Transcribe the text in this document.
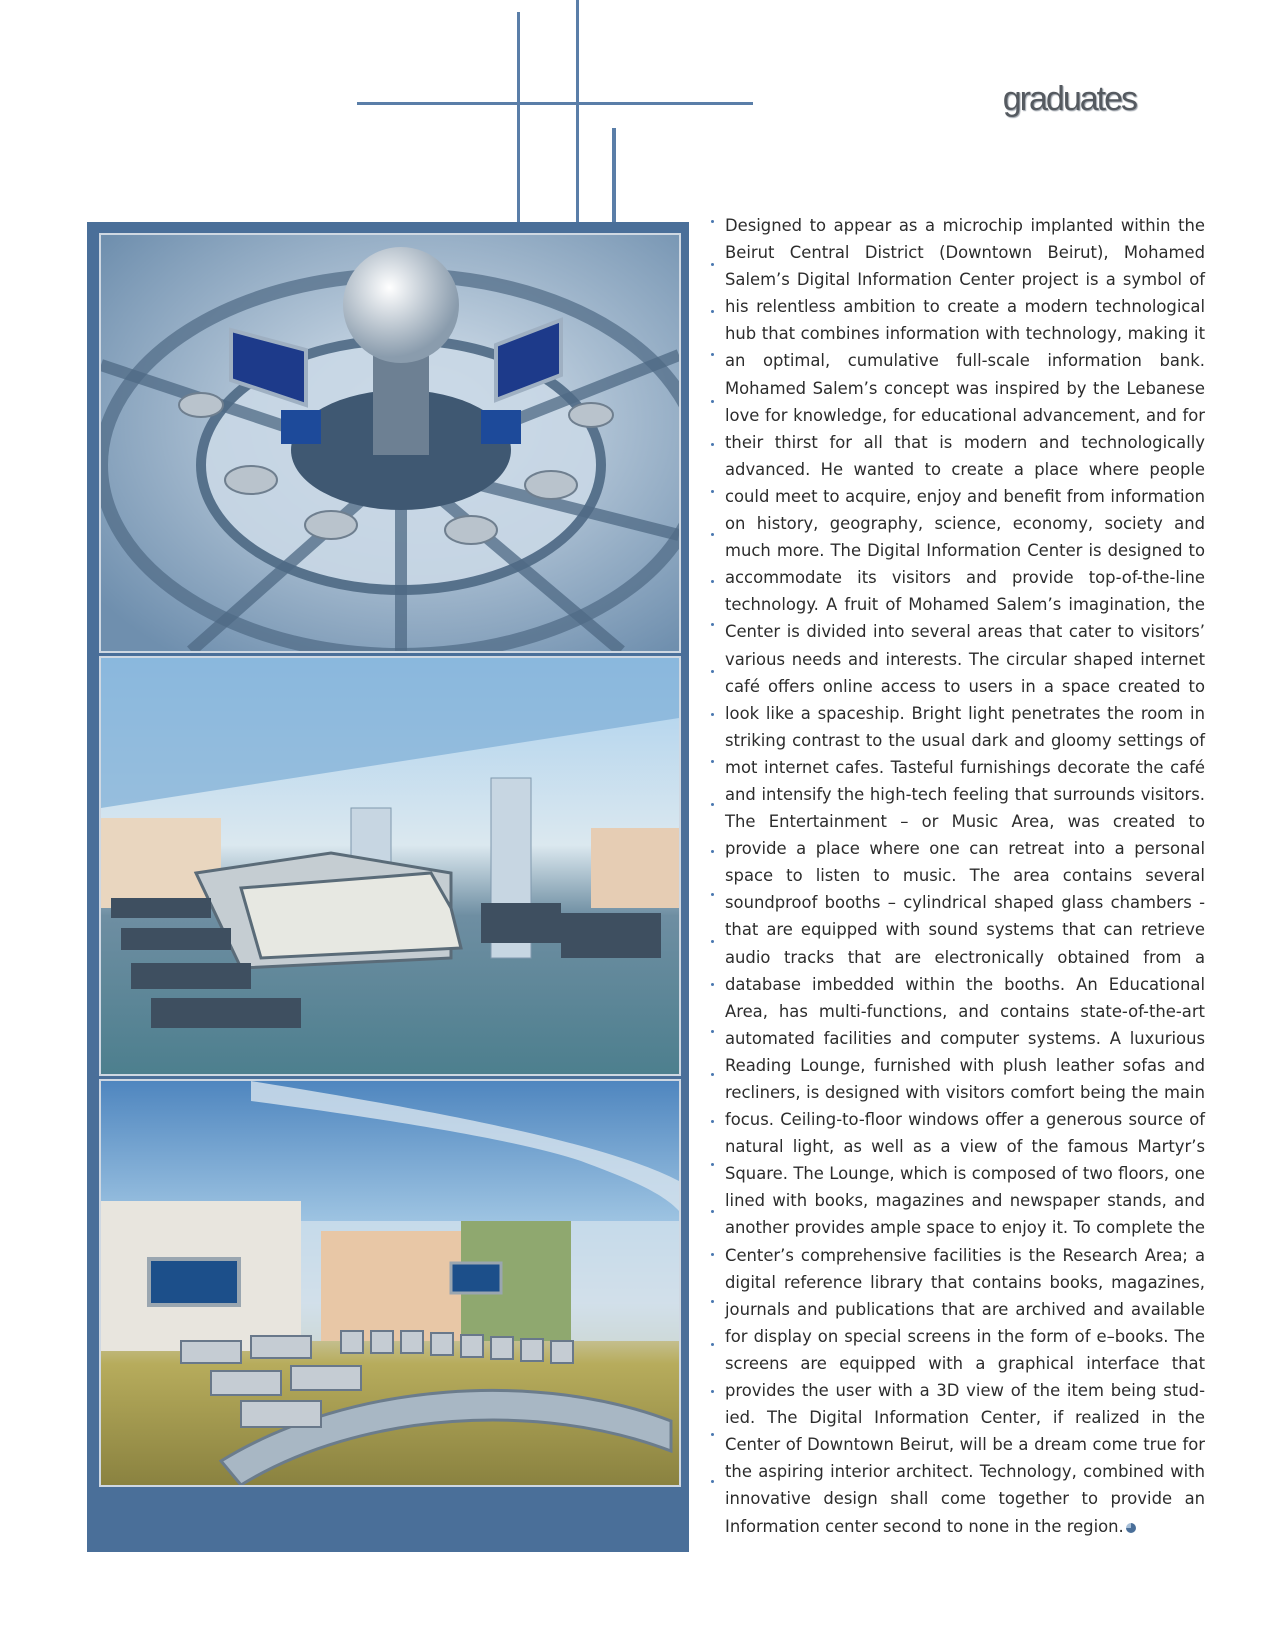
graduates

Designed to appear as a microchip implanted within the Beirut Central District (Downtown Beirut), Mohamed Salem’s Digital Information Center project is a symbol of his relentless ambition to create a modern technological hub that combines information with technology, making it an optimal, cumulative full-scale information bank. Mohamed Salem’s concept was inspired by the Lebanese love for knowledge, for educational advancement, and for their thirst for all that is modern and technologically advanced. He wanted to create a place where people could meet to acquire, enjoy and benefit from information on history, geography, science, economy, society and much more. The Digital Information Center is designed to accommodate its visitors and provide top-of-the-line technology. A fruit of Mohamed Salem’s imagination, the Center is divided into several areas that cater to visitors’ various needs and interests. The circular shaped internet café offers online access to users in a space created to look like a spaceship. Bright light penetrates the room in striking contrast to the usual dark and gloomy settings of mot internet cafes. Tasteful furnishings decorate the café and intensify the high-tech feeling that surrounds visitors. The Entertainment – or Music Area, was created to provide a place where one can retreat into a personal space to listen to music. The area contains several soundproof booths – cylindrical shaped glass chambers - that are equipped with sound systems that can retrieve audio tracks that are electronically obtained from a database imbedded within the booths. An Educational Area, has multi-functions, and contains state-of-the-art automated facilities and computer systems. A luxurious Reading Lounge, furnished with plush leather sofas and recliners, is designed with visitors comfort being the main focus. Ceiling-to-floor windows offer a generous source of natural light, as well as a view of the famous Martyr’s Square. The Lounge, which is composed of two floors, one lined with books, magazines and newspaper stands, and another provides ample space to enjoy it. To complete the Center’s comprehensive facilities is the Research Area; a digital reference library that contains books, magazines, journals and publications that are archived and available for display on special screens in the form of e–books. The screens are equipped with a graphical interface that provides the user with a 3D view of the item being studied. The Digital Information Center, if realized in the Center of Downtown Beirut, will be a dream come true for the aspiring interior architect. Technology, combined with innovative design shall come together to provide an Information center second to none in the region.
